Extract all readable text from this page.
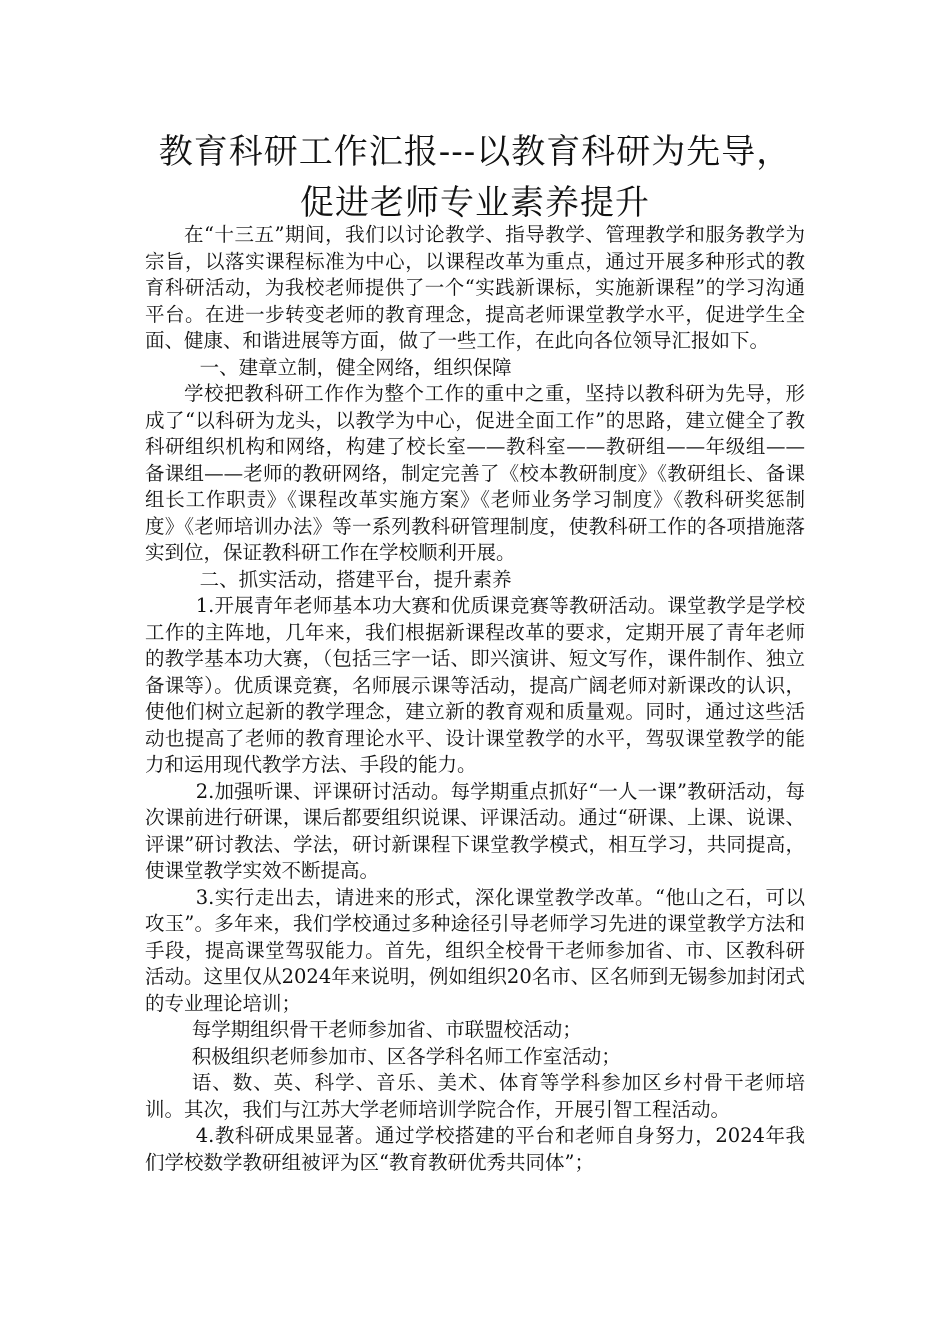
教育科研工作汇报---以教育科研为先导，
促进老师专业素养提升

在“十三五”期间，我们以讨论教学、指导教学、管理教学和服务教学为宗旨，以落实课程标准为中心，以课程改革为重点，通过开展多种形式的教育科研活动，为我校老师提供了一个“实践新课标，实施新课程”的学习沟通平台。在进一步转变老师的教育理念，提高老师课堂教学水平，促进学生全面、健康、和谐进展等方面，做了一些工作，在此向各位领导汇报如下。

一、建章立制，健全网络，组织保障

学校把教科研工作作为整个工作的重中之重，坚持以教科研为先导，形成了“以科研为龙头，以教学为中心，促进全面工作”的思路，建立健全了教科研组织机构和网络，构建了校长室——教科室——教研组——年级组——备课组——老师的教研网络，制定完善了《校本教研制度》《教研组长、备课组长工作职责》《课程改革实施方案》《老师业务学习制度》《教科研奖惩制度》《老师培训办法》等一系列教科研管理制度，使教科研工作的各项措施落实到位，保证教科研工作在学校顺利开展。

二、抓实活动，搭建平台，提升素养

1.开展青年老师基本功大赛和优质课竞赛等教研活动。课堂教学是学校工作的主阵地，几年来，我们根据新课程改革的要求，定期开展了青年老师的教学基本功大赛，（包括三字一话、即兴演讲、短文写作，课件制作、独立备课等）。优质课竞赛，名师展示课等活动，提高广阔老师对新课改的认识，使他们树立起新的教学理念，建立新的教育观和质量观。同时，通过这些活动也提高了老师的教育理论水平、设计课堂教学的水平，驾驭课堂教学的能力和运用现代教学方法、手段的能力。

2.加强听课、评课研讨活动。每学期重点抓好“一人一课”教研活动，每次课前进行研课，课后都要组织说课、评课活动。通过“研课、上课、说课、评课”研讨教法、学法，研讨新课程下课堂教学模式，相互学习，共同提高，使课堂教学实效不断提高。

3.实行走出去，请进来的形式，深化课堂教学改革。“他山之石，可以攻玉”。多年来，我们学校通过多种途径引导老师学习先进的课堂教学方法和手段，提高课堂驾驭能力。首先，组织全校骨干老师参加省、市、区教科研活动。这里仅从2024年来说明，例如组织20名市、区名师到无锡参加封闭式的专业理论培训；

每学期组织骨干老师参加省、市联盟校活动；

积极组织老师参加市、区各学科名师工作室活动；

语、数、英、科学、音乐、美术、体育等学科参加区乡村骨干老师培训。其次，我们与江苏大学老师培训学院合作，开展引智工程活动。

4.教科研成果显著。通过学校搭建的平台和老师自身努力，2024年我们学校数学教研组被评为区“教育教研优秀共同体”；
